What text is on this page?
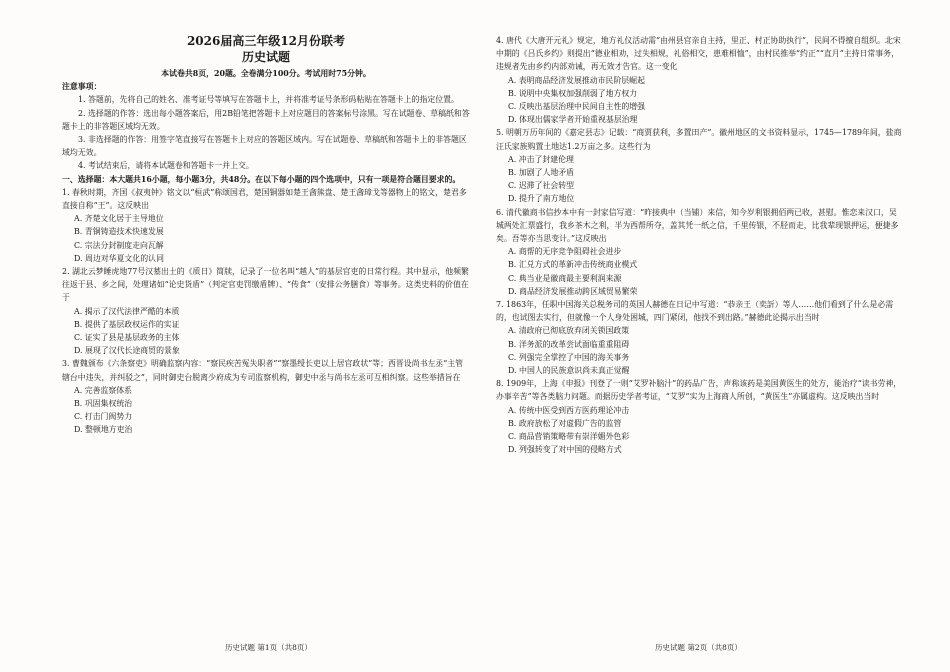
2026届高三年级12月份联考

历史试题

本试卷共8页，20题。全卷满分100分。考试用时75分钟。

注意事项：

1. 答题前，先将自己的姓名、准考证号等填写在答题卡上，并将准考证号条形码粘贴在答题卡上的指定位置。

2. 选择题的作答：选出每小题答案后，用2B铅笔把答题卡上对应题目的答案标号涂黑。写在试题卷、草稿纸和答题卡上的非答题区域均无效。

3. 非选择题的作答：用签字笔直接写在答题卡上对应的答题区域内。写在试题卷、草稿纸和答题卡上的非答题区域均无效。

4. 考试结束后，请将本试题卷和答题卡一并上交。

一、选择题：本大题共16小题，每小题3分，共48分。在以下每小题的四个选项中，只有一项是符合题目要求的。

1. 春秋时期，齐国《叔夷钟》铭文以“桓武”称颂国君，楚国铜器如楚王酓熊盘、楚王酓璋戈等器物上的铭文，楚君多直接自称“王”。这反映出

A. 齐楚文化居于主导地位

B. 青铜铸造技术快速发展

C. 宗法分封制度走向瓦解

D. 周边对华夏文化的认同

2. 湖北云梦睡虎地77号汉墓出土的《质日》简牍，记录了一位名叫“越人”的基层官吏的日常行程。其中显示，他频繁往返于县、乡之间，处理诸如“论史货盾”（判定官吏罚缴盾牌）、“传食”（安排公务膳食）等事务。这类史料的价值在于

A. 揭示了汉代法律严酷的本质

B. 提供了基层政权运作的实证

C. 证实了县是基层政务的主体

D. 展现了汉代长途商贸的景象

3. 曹魏颁布《六条察吏》明确监察内容：“察民疾苦冤失职者”“察墨绶长吏以上居官政状”等；西晋设尚书左丞“主管辖台中违失，并纠驳之”，同时御史台脱离少府成为专司监察机构，御史中丞与尚书左丞可互相纠察。这些举措旨在

A. 完善监察体系

B. 巩固集权统治

C. 打击门阀势力

D. 整顿地方吏治

4. 唐代《大唐开元礼》规定，地方礼仪活动需“由州县官亲自主持，里正、村正协助执行”，民间不得擅自组织。北宋中期的《吕氏乡约》则提出“德业相劝，过失相规，礼俗相交，患难相恤”，由村民推举“约正”“直月”主持日常事务，违规者先由乡约内部劝诫，再无效才告官。这一变化

A. 表明商品经济发展推动市民阶层崛起

B. 说明中央集权加强削弱了地方权力

C. 反映出基层治理中民间自主性的增强

D. 体现出儒家学者开始重视基层治理

5. 明朝万历年间的《嘉定县志》记载：“商贾获利，多置田产”。徽州地区的文书资料显示，1745—1789年间，盐商汪氏家族购置土地达1.2万亩之多。这些行为

A. 冲击了封建伦理

B. 加剧了人地矛盾

C. 迟滞了社会转型

D. 提升了南方地位

6. 清代徽商书信抄本中有一封家信写道：“昨接典中（当铺）来信，知今岁利银拥佰两已收，甚慰。惟恋来汉口，吴城两处汇票盛行，我乡茶木之利，半为西帮所夺，盖其凭一纸之信，千里传银，不胫而走，比我辈现银押运，便捷多矣。吾等亦当思变计。”这反映出

A. 商帮的无序竞争阻碍社会进步

B. 汇兑方式的革新冲击传统商业模式

C. 典当业是徽商最主要利润来源

D. 商品经济发展推动跨区域贸易繁荣

7. 1863年，任职中国海关总税务司的英国人赫德在日记中写道：“恭亲王（奕訢）等人……他们看到了什么是必需的，也试图去实行，但就像一个人身处困城，四门紧闭，他找不到出路。”赫德此论揭示出当时

A. 清政府已彻底放弃闭关锁国政策

B. 洋务派的改革尝试面临重重阻碍

C. 列强完全掌控了中国的海关事务

D. 中国人的民族意识尚未真正觉醒

8. 1909年，上海《申报》刊登了一则“艾罗补脑汁”的药品广告，声称该药是美国黄医生的处方，能治疗“读书劳神，办事辛苦”等各类脑力问题。而据历史学者考证，“艾罗”实为上海商人所创，“黄医生”亦属虚构。这反映出当时

A. 传统中医受到西方医药理论冲击

B. 政府放松了对虚假广告的监管

C. 商品营销策略带有崇洋媚外色彩

D. 列强转变了对中国的侵略方式

历史试题 第1页（共8页）	历史试题 第2页（共8页）
